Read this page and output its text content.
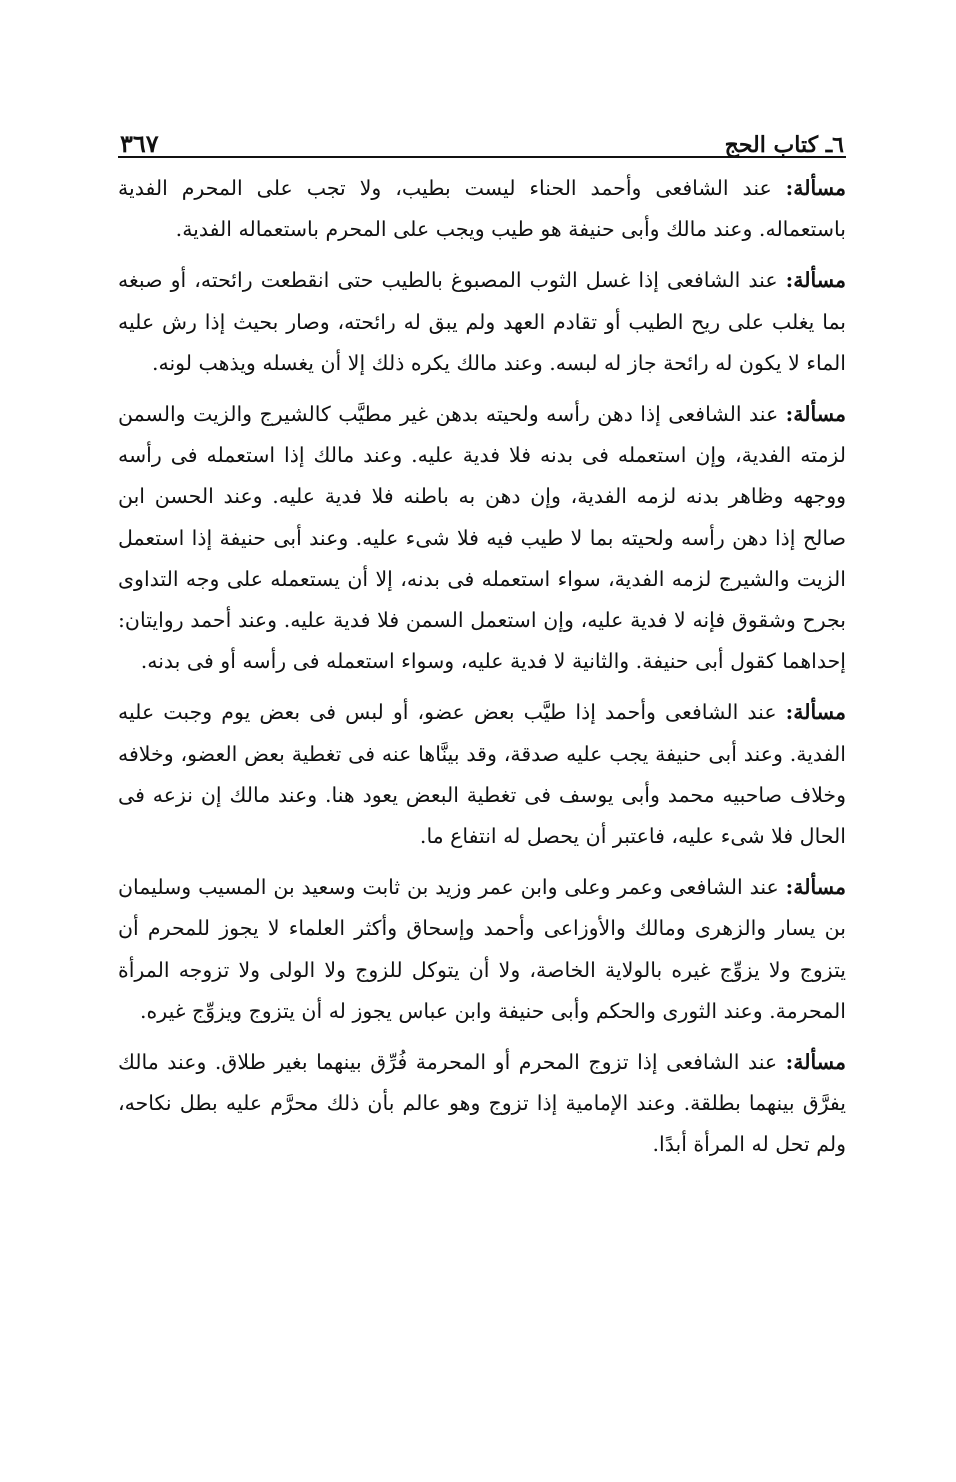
٦ـ كتاب الحج
٣٦٧

مسألة: عند الشافعى وأحمد الحناء ليست بطيب، ولا تجب على المحرم الفدية باستعماله. وعند مالك وأبى حنيفة هو طيب ويجب على المحرم باستعماله الفدية.

مسألة: عند الشافعى إذا غسل الثوب المصبوغ بالطيب حتى انقطعت رائحته، أو صبغه بما يغلب على ريح الطيب أو تقادم العهد ولم يبق له رائحته، وصار بحيث إذا رش عليه الماء لا يكون له رائحة جاز له لبسه. وعند مالك يكره ذلك إلا أن يغسله ويذهب لونه.

مسألة: عند الشافعى إذا دهن رأسه ولحيته بدهن غير مطيَّب كالشيرج والزيت والسمن لزمته الفدية، وإن استعمله فى بدنه فلا فدية عليه. وعند مالك إذا استعمله فى رأسه ووجهه وظاهر بدنه لزمه الفدية، وإن دهن به باطنه فلا فدية عليه. وعند الحسن ابن صالح إذا دهن رأسه ولحيته بما لا طيب فيه فلا شىء عليه. وعند أبى حنيفة إذا استعمل الزيت والشيرج لزمه الفدية، سواء استعمله فى بدنه، إلا أن يستعمله على وجه التداوى بجرح وشقوق فإنه لا فدية عليه، وإن استعمل السمن فلا فدية عليه. وعند أحمد روايتان: إحداهما كقول أبى حنيفة. والثانية لا فدية عليه، وسواء استعمله فى رأسه أو فى بدنه.

مسألة: عند الشافعى وأحمد إذا طيَّب بعض عضو، أو لبس فى بعض يوم وجبت عليه الفدية. وعند أبى حنيفة يجب عليه صدقة، وقد بينَّاها عنه فى تغطية بعض العضو، وخلافه وخلاف صاحبيه محمد وأبى يوسف فى تغطية البعض يعود هنا. وعند مالك إن نزعه فى الحال فلا شىء عليه، فاعتبر أن يحصل له انتفاع ما.

مسألة: عند الشافعى وعمر وعلى وابن عمر وزيد بن ثابت وسعيد بن المسيب وسليمان بن يسار والزهرى ومالك والأوزاعى وأحمد وإسحاق وأكثر العلماء لا يجوز للمحرم أن يتزوج ولا يزوِّج غيره بالولاية الخاصة، ولا أن يتوكل للزوج ولا الولى ولا تزوجه المرأة المحرمة. وعند الثورى والحكم وأبى حنيفة وابن عباس يجوز له أن يتزوج ويزوِّج غيره.

مسألة: عند الشافعى إذا تزوج المحرم أو المحرمة فُرِّق بينهما بغير طلاق. وعند مالك يفرَّق بينهما بطلقة. وعند الإمامية إذا تزوج وهو عالم بأن ذلك محرَّم عليه بطل نكاحه، ولم تحل له المرأة أبدًا.
